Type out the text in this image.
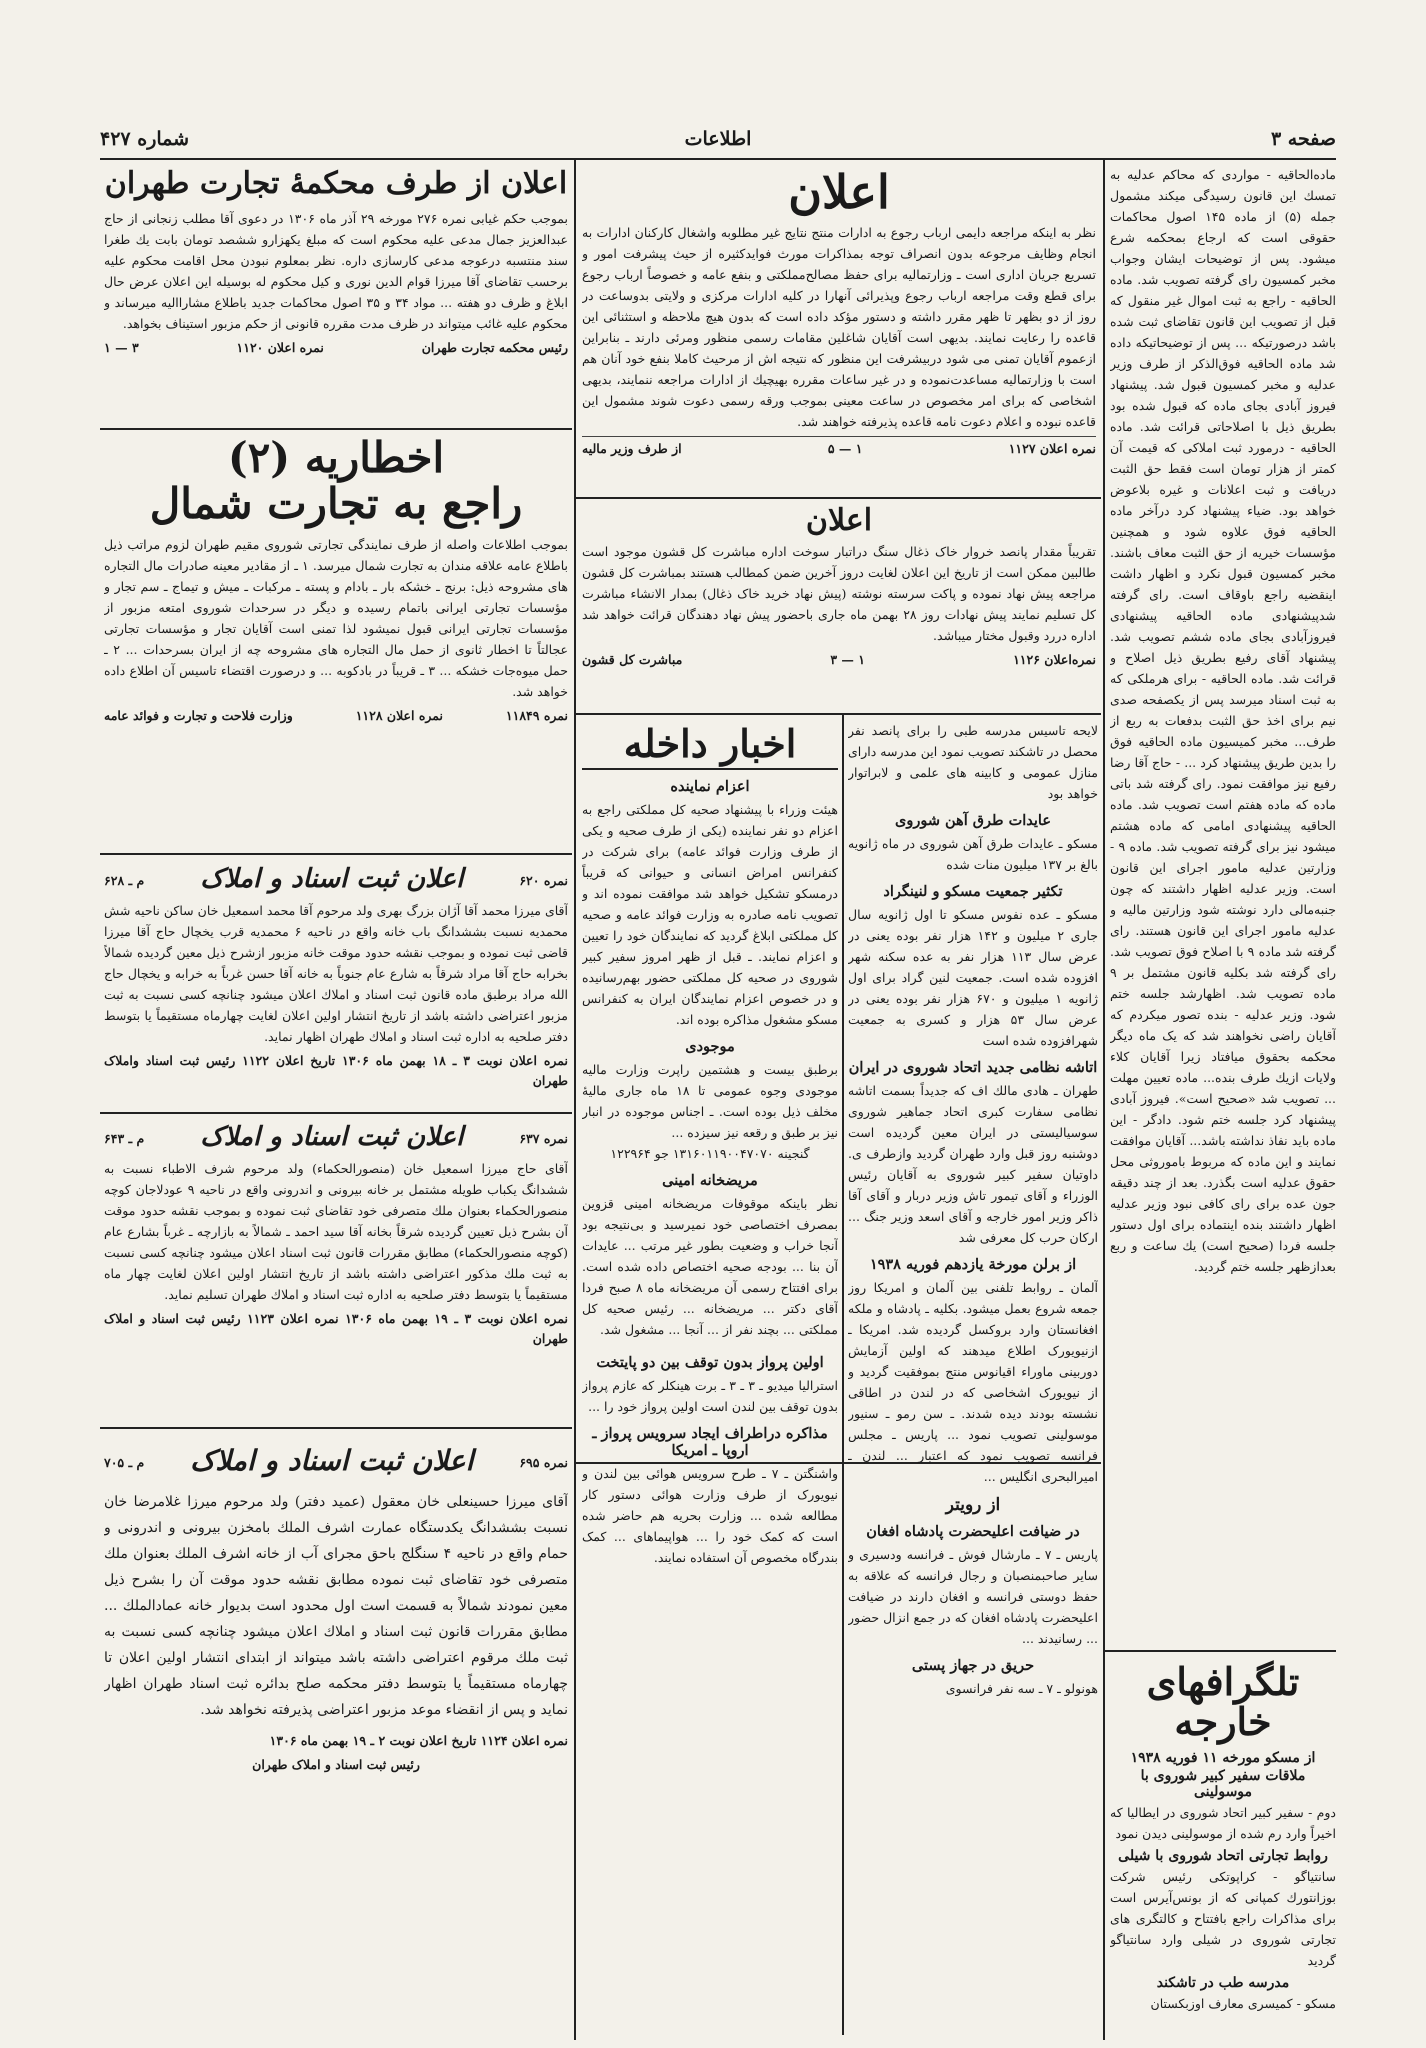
صفحه ۳
اطلاعات
شماره ۴۲۷
ماده‌الحاقیه - مواردی که محاکم عدلیه به تمسك این قانون رسیدگی میکند مشمول جمله (۵) از ماده ۱۴۵ اصول محاکمات حقوقی است که ارجاع بمحکمه شرع میشود. پس از توضیحات ایشان وجواب مخبر کمسیون رای گرفته تصویب شد. ماده الحاقیه - راجع به ثبت اموال غیر منقول که قبل از تصویب این قانون تقاضای ثبت شده باشد درصورتیکه ... پس از توضیحاتیکه داده شد ماده الحاقیه فوق‌الذکر از طرف وزیر عدلیه و مخبر کمسیون قبول شد. پیشنهاد فیروز آبادی بجای ماده که قبول شده بود بطریق ذیل با اصلاحاتی قرائت شد. ماده الحاقیه - درمورد ثبت املاکی که قیمت آن کمتر از هزار تومان است فقط حق الثبت دریافت و ثبت اعلانات و غیره بلاعوض خواهد بود. ضیاء پیشنهاد کرد درآخر ماده الحاقیه فوق علاوه شود و همچنین مؤسسات خیریه از حق الثبت معاف باشند. مخبر کمسیون قبول نکرد و اظهار داشت اینقضیه راجع باوقاف است. رای گرفته شدپیشنهادی ماده الحاقیه پیشنهادی فیروزآبادی بجای ماده ششم تصویب شد. پیشنهاد آقای رفیع بطریق ذیل اصلاح و قرائت شد. ماده الحاقیه - برای هرملکی که به ثبت اسناد میرسد پس از یکصفحه صدی نیم برای اخذ حق الثبت بدفعات به ربع از طرف... مخبر کمیسیون ماده الحاقیه فوق را بدین طریق پیشنهاد کرد ... - حاج آقا رضا رفیع نیز موافقت نمود. رای گرفته شد باتی ماده که ماده هفتم است تصویب شد. ماده الحاقیه پیشنهادی امامی که ماده هشتم میشود نیز برای گرفته تصویب شد. ماده ۹ - وزارتین عدلیه مامور اجرای این قانون است. وزیر عدلیه اظهار داشتند که چون جنبه‌مالی دارد نوشته شود وزارتین مالیه و عدلیه مامور اجرای این قانون هستند. رای گرفته شد ماده ۹ با اصلاح فوق تصویب شد. رای گرفته شد بکلیه قانون مشتمل بر ۹ ماده تصویب شد. اظهارشد جلسه ختم شود. وزیر عدلیه - بنده تصور میکردم که آقایان راضی نخواهند شد که یک ماه دیگر محکمه بحقوق میافتاد زیرا آقایان کلاء ولایات ازیك طرف بنده... ماده تعیین مهلت ... تصویب شد «صحیح است». فیروز آبادی پیشنهاد کرد جلسه ختم شود. دادگر - این ماده باید نفاذ نداشته باشد... آقایان موافقت نمایند و این ماده که مربوط باموروثی محل حقوق عدلیه است بگذرد. بعد از چند دقیقه جون عده برای رای کافی نبود وزیر عدلیه اظهار داشتند بنده اینتماده برای اول دستور جلسه فردا (صحیح است) یك ساعت و ربع بعدازظهر جلسه ختم گردید.
تلگرافهای خارجه
از مسکو مورخه ۱۱ فوریه ۱۹۳۸
ملاقات سفیر کبیر شوروی با موسولینی
دوم - سفیر کبیر اتحاد شوروی در ایطالیا که اخیراً وارد رم شده از موسولینی دیدن نمود
روابط تجارتی اتحاد شوروی با شیلی
سانتیاگو - کراپوتکی رئیس شرکت بوزانتورك کمپانی که از بونس‌آیرس است برای مذاکرات راجع بافتتاح و کالتگری های تجارتی شوروی در شیلی وارد سانتیاگو گردید
مدرسه طب در تاشکند
مسکو - کمیسری معارف اوزبکستان
اعلان
نظر به اینکه مراجعه دایمی ارباب رجوع به ادارات منتج نتایج غیر مطلوبه واشغال کارکنان ادارات به انجام وظایف مرجوعه بدون انصراف توجه بمذاکرات مورث فوایدکثیره از حیث پیشرفت امور و تسریع جریان اداری است ـ وزارتمالیه برای حفظ مصالح‌مملکتی و بنفع عامه و خصوصاً ارباب رجوع برای قطع وقت مراجعه ارباب رجوع وپذیرائی آنهارا در کلیه ادارات مرکزی و ولایتی بدوساعت در روز از دو بظهر تا ظهر مقرر داشته و دستور مؤکد داده است که بدون هیچ ملاحظه و استثنائی این قاعده را رعایت نمایند. بدیهی است آقایان شاغلین مقامات رسمی منظور ومرئی دارند ـ بنابراین ازعموم آقایان تمنی می شود دربیشرفت این منظور که نتیجه اش از مرحیث کاملا بنفع خود آنان هم است با وزارتمالیه مساعدت‌نموده و در غیر ساعات مقرره بهیچیك از ادارات مراجعه ننمایند، بدیهی اشخاصی که برای امر مخصوص در ساعت معینی بموجب ورقه رسمی دعوت شوند مشمول این قاعده نبوده و اعلام دعوت نامه قاعده پذیرفته خواهند شد.
نمره اعلان ۱۱۲۷
۱ — ۵
از طرف وزیر مالیه
اعلان
تقریباً مقدار پانصد خروار خاک ذغال سنگ دراتبار سوخت اداره مباشرت کل قشون موجود است طالبین ممکن است از تاریخ این اعلان لغایت دروز آخرین ضمن کمطالب هستند بمباشرت کل قشون مراجعه پیش نهاد نموده و پاکت سرسته نوشته (پیش نهاد خرید خاک ذغال) بمدار الانشاء مباشرت کل تسلیم نمایند پیش نهادات روز ۲۸ بهمن ماه جاری باحضور پیش نهاد دهندگان قرائت خواهد شد اداره دررد وقبول مختار میباشد.
نمره‌اعلان ۱۱۲۶
۱ — ۳
مباشرت کل قشون
اخبار داخله
اعزام نماینده
هیئت وزراء با پیشنهاد صحیه کل مملکتی راجع به اعزام دو نفر نماینده (یکی از طرف صحیه و یکی از طرف وزارت فوائد عامه) برای شرکت در کنفرانس امراض انسانی و حیوانی که قریباً درمسکو تشکیل خواهد شد موافقت نموده اند و تصویب نامه صادره به وزارت فوائد عامه و صحیه کل مملکتی ابلاغ گردید که نمایندگان خود را تعیین و اعزام نمایند. ـ قبل از ظهر امروز سفیر کبیر شوروی در صحیه کل مملکتی حضور بهم‌رسانیده و در خصوص اعزام نمایندگان ایران به کنفرانس مسکو مشغول مذاکره بوده اند.
موجودی
برطبق بیست و هشتمین راپرت وزارت مالیه موجودی وجوه عمومی تا ۱۸ ماه جاری مالیهٔ مخلف ذیل بوده است. ـ اجناس موجوده در انبار نیز بر طبق و رقعه نیز سیزده ...
گنجینه ۱۳۱۶۰۱۱۹۰۰۴۷۰۷۰ جو ۱۲۲۹۶۴
مریضخانه امینی
نظر باینکه موقوفات مریضخانه امینی قزوین بمصرف اختصاصی خود نمیرسید و بی‌نتیجه بود آنجا خراب و وضعیت بطور غیر مرتب ... عایدات آن بنا ... بودجه صحیه اختصاص داده شده است. برای افتتاح رسمی آن مریضخانه ماه ۸ صبح فردا آقای دکتر ... مریضخانه ... رئیس صحیه کل مملکتی ... بچند نفر از ... آنجا ... مشغول شد.
اولین پرواز بدون توقف بین دو پایتخت
استرالیا میدیو ـ ۳ ـ ۳ ـ برت هینکلر که عازم پرواز بدون توقف بین لندن است اولین پرواز خود را ...
مذاکره دراطراف ایجاد سرویس پرواز ـ اروپا ـ امریکا
واشنگتن ـ ۷ ـ طرح سرویس هوائی بین لندن و نیویورک از طرف وزارت هوائی دستور کار مطالعه شده ... وزارت بحریه هم حاضر شده است که کمک خود را ... هواپیماهای ... کمک بندرگاه مخصوص آن استفاده نمایند.
لایحه تاسیس مدرسه طبی را برای پانصد نفر محصل در تاشکند تصویب نمود این مدرسه دارای منازل عمومی و کابینه های علمی و لابراتوار خواهد بود
عایدات طرق آهن شوروی
مسکو ـ عایدات طرق آهن شوروی در ماه ژانویه بالغ بر ۱۳۷ میلیون منات شده
تکثیر جمعیت مسکو و لنینگراد
مسکو ـ عده نفوس مسکو تا اول ژانویه سال جاری ۲ میلیون و ۱۴۲ هزار نفر بوده یعنی در عرض سال ۱۱۳ هزار نفر به عده سکنه شهر افزوده شده است. جمعیت لنین گراد برای اول ژانویه ۱ میلیون و ۶۷۰ هزار نفر بوده یعنی در عرض سال ۵۳ هزار و کسری به جمعیت شهرافزوده شده است
اتاشه نظامی جدید اتحاد شوروی در ایران
طهران ـ هادی مالك اف که جدیداً بسمت اتاشه نظامی سفارت کبری اتحاد جماهیر شوروی سوسیالیستی در ایران معین گردیده است دوشنبه روز قبل وارد طهران گردید وازطرف ی. داوتیان سفیر کبیر شوروی به آقایان رئیس الوزراء و آقای تیمور تاش وزیر دربار و آقای آقا ذاکر وزیر امور خارجه و آقای اسعد وزیر جنگ ... ارکان حرب کل معرفی شد
از برلن مورخة یازدهم فوریه ۱۹۳۸
آلمان ـ روابط تلفنی بین آلمان و امریکا روز جمعه شروع بعمل میشود. بکلیه ـ پادشاه و ملکه افغانستان وارد بروکسل گردیده شد. امریکا ـ ازنیویورک اطلاع میدهند که اولین آزمایش دوربینی ماوراء اقیانوس منتج بموفقیت گردید و از نیویورک اشخاصی که در لندن در اطاقی نشسته بودند دیده شدند. ـ سن رمو ـ سنیور موسولینی تصویب نمود ... پاریس ـ مجلس فرانسه تصویب نمود که اعتبار ... لندن ـ امیرالبحری انگلیس ...
از رویتر
در ضیافت اعلیحضرت پادشاه افغان
پاریس ـ ۷ ـ مارشال فوش ـ فرانسه ودسیری و سایر صاحبمنصبان و رجال فرانسه که علاقه به حفظ دوستی فرانسه و افغان دارند در ضیافت اعلیحضرت پادشاه افغان که در جمع انزال حضور ... رسانیدند ...
حریق در جهاز پستی
هونولو ـ ۷ ـ سه نفر فرانسوی
اعلان از طرف محکمهٔ تجارت طهران
بموجب حکم غیابی نمره ۲۷۶ مورخه ۲۹ آذر ماه ۱۳۰۶ در دعوی آقا مطلب زنجانی از حاج عبدالعزیز جمال مدعی علیه محکوم است که مبلغ یکهزارو ششصد تومان بابت یك طغرا سند منتسبه درعوجه مدعی کارسازی داره. نظر بمعلوم نبودن محل اقامت محکوم علیه برحسب تقاضای آقا میرزا قوام الدین نوری و کیل محکوم له بوسیله این اعلان عرض حال ابلاغ و ظرف دو هفته ... مواد ۳۴ و ۳۵ اصول محاکمات جدید باطلاع مشاراالیه میرساند و محکوم علیه غائب میتواند در ظرف مدت مقرره قانونی از حکم مزبور استیناف بخواهد.
رئیس محکمه تجارت طهران
نمره اعلان ۱۱۲۰
۳ — ۱
اخطاریه (۲)
راجع به تجارت شمال
بموجب اطلاعات واصله از طرف نمایندگی تجارتی شوروی مقیم طهران لزوم مراتب ذیل باطلاع عامه علاقه مندان به تجارت شمال میرسد. ۱ ـ از مقادیر معینه صادرات مال التجاره های مشروحه ذیل: برنج ـ خشکه بار ـ بادام و پسته ـ مرکبات ـ میش و تیماج ـ سم تجار و مؤسسات تجارتی ایرانی باتمام رسیده و دیگر در سرحدات شوروی امتعه مزبور از مؤسسات تجارتی ایرانی قبول نمیشود لذا تمنی است آقایان تجار و مؤسسات تجارتی عجالتاً تا اخطار ثانوی از حمل مال التجاره های مشروحه چه از ایران بسرحدات ... ۲ ـ حمل میوه‌جات خشکه ... ۳ ـ قریباً در بادکوبه ... و درصورت اقتضاء تاسیس آن اطلاع داده خواهد شد.
نمره ۱۱۸۴۹
نمره اعلان ۱۱۲۸
وزارت فلاحت و تجارت و فوائد عامه
نمره ۶۲۰
اعلان ثبت اسناد و املاک
م ـ ۶۲۸
آقای میرزا محمد آقا آژان بزرگ بهری ولد مرحوم آقا محمد اسمعیل خان ساکن ناحیه شش محمدیه نسبت بششدانگ باب خانه واقع در ناحیه ۶ محمدیه قرب یخچال حاج آقا میرزا قاضی ثبت نموده و بموجب نقشه حدود موقت خانه مزبور ازشرح ذیل معین گردیده شمالاً بخرابه حاج آقا مراد شرقاً به شارع عام جنوباً به خانه آقا حسن غرباً به خرابه و یخچال حاج الله مراد برطبق ماده قانون ثبت اسناد و املاك اعلان میشود چنانچه کسی نسبت به ثبت مزبور اعتراضی داشته باشد از تاریخ انتشار اولین اعلان لغایت چهارماه مستقیماً یا بتوسط دفتر صلحیه به اداره ثبت اسناد و املاك طهران اظهار نماید.
نمره اعلان نوبت ۳ ـ ۱۸ بهمن ماه ۱۳۰۶ تاریخ اعلان ۱۱۲۲ رئیس ثبت اسناد واملاک طهران
نمره ۶۳۷
اعلان ثبت اسناد و املاک
م ـ ۶۴۳
آقای حاج میرزا اسمعیل خان (منصورالحکماء) ولد مرحوم شرف الاطباء نسبت به ششدانگ یکباب طویله مشتمل بر خانه بیرونی و اندرونی واقع در ناحیه ۹ عودلاجان کوچه منصورالحکماء بعنوان ملك متصرفی خود تقاضای ثبت نموده و بموجب نقشه حدود موقت آن بشرح ذیل تعیین گردیده شرقاً بخانه آقا سید احمد ـ شمالاً به بازارچه ـ غرباً بشارع عام (کوچه منصورالحکماء) مطابق مقررات قانون ثبت اسناد اعلان میشود چنانچه کسی نسبت به ثبت ملك مذکور اعتراضی داشته باشد از تاریخ انتشار اولین اعلان لغایت چهار ماه مستقیماً یا بتوسط دفتر صلحیه به اداره ثبت اسناد و املاك طهران تسلیم نماید.
نمره اعلان نوبت ۳ ـ ۱۹ بهمن ماه ۱۳۰۶ نمره اعلان ۱۱۲۳ رئیس ثبت اسناد و املاک طهران
نمره ۶۹۵
اعلان ثبت اسناد و املاک
م ـ ۷۰۵
آقای میرزا حسینعلی خان معقول (عمید دفتر) ولد مرحوم میرزا غلامرضا خان نسبت بششدانگ یکدستگاه عمارت اشرف الملك بامخزن بیرونی و اندرونی و حمام واقع در ناحیه ۴ سنگلج باحق مجرای آب از خانه اشرف الملك بعنوان ملك متصرفی خود تقاضای ثبت نموده مطابق نقشه حدود موقت آن را بشرح ذیل معین نمودند شمالاً به قسمت است اول محدود است بدیوار خانه عمادالملك ... مطابق مقررات قانون ثبت اسناد و املاك اعلان میشود چنانچه کسی نسبت به ثبت ملك مرقوم اعتراضی داشته باشد میتواند از ابتدای انتشار اولین اعلان تا چهارماه مستقیماً یا بتوسط دفتر محکمه صلح بدائره ثبت اسناد طهران اظهار نماید و پس از انقضاء موعد مزبور اعتراضی پذیرفته نخواهد شد.
نمره اعلان ۱۱۲۴ تاریخ اعلان نوبت ۲ ـ ۱۹ بهمن ماه ۱۳۰۶
رئیس ثبت اسناد و املاک طهران
